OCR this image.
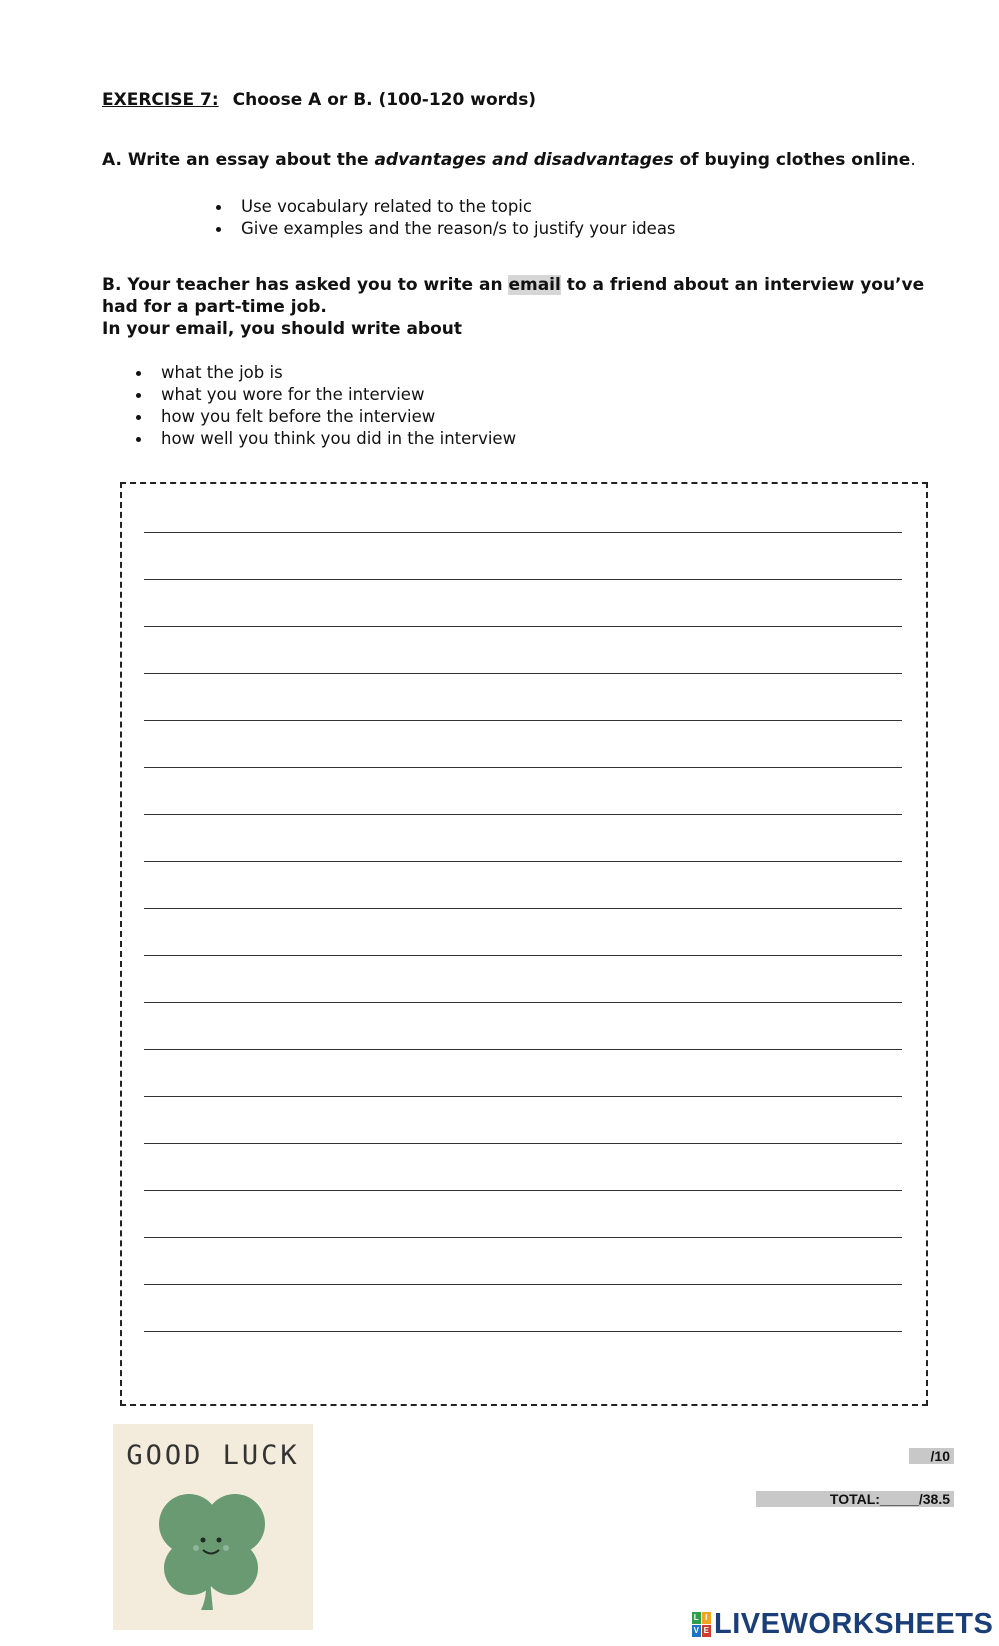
EXERCISE 7: Choose A or B. (100-120 words)
A. Write an essay about the advantages and disadvantages of buying clothes online.
Use vocabulary related to the topic
Give examples and the reason/s to justify your ideas
B. Your teacher has asked you to write an email to a friend about an interview you’ve had for a part-time job.
In your email, you should write about
what the job is
what you wore for the interview
how you felt before the interview
how well you think you did in the interview
GOOD LUCK	/10
TOTAL:_____/38.5
L I
V E LIVEWORKSHEETS
